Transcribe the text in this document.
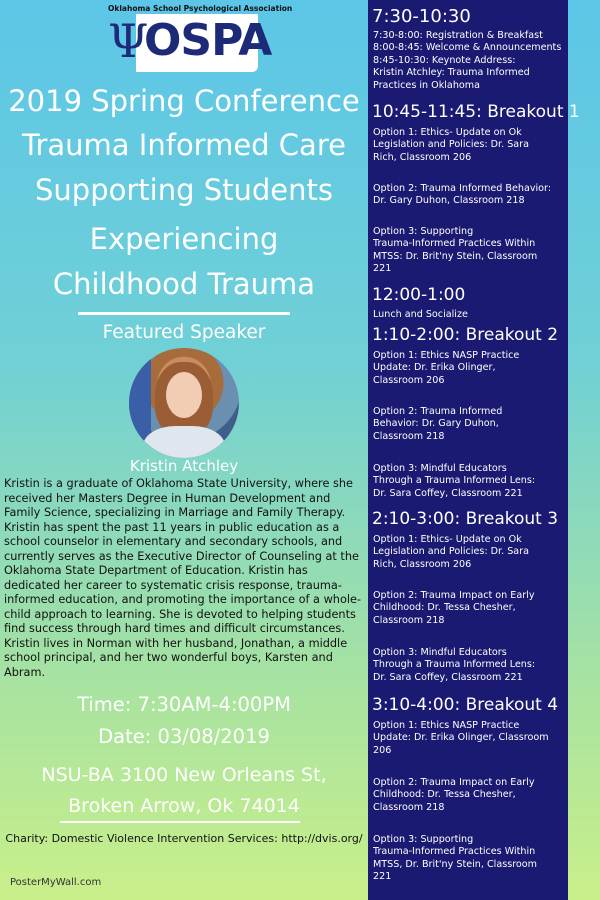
Oklahoma School Psychological Association
Ψ
OSPA
2019 Spring Conference
Trauma Informed Care
Supporting Students
Experiencing
Childhood Trauma
Featured Speaker
Kristin Atchley

Kristin is a graduate of Oklahoma State University, where she received her Masters Degree in Human Development and Family Science, specializing in Marriage and Family Therapy. Kristin has spent the past 11 years in public education as a school counselor in elementary and secondary schools, and currently serves as the Executive Director of Counseling at the Oklahoma State Department of Education. Kristin has dedicated her career to systematic crisis response, trauma-informed education, and promoting the importance of a whole-child approach to learning. She is devoted to helping students find success through hard times and difficult circumstances. Kristin lives in Norman with her husband, Jonathan, a middle school principal, and her two wonderful boys, Karsten and Abram.

Time: 7:30AM-4:00PM
Date: 03/08/2019
NSU-BA 3100 New Orleans St,
Broken Arrow, Ok 74014
Charity: Domestic Violence Intervention Services: http://dvis.org/
PosterMyWall.com
7:30-10:30

7:30-8:00: Registration & Breakfast
8:00-8:45: Welcome & Announcements
8:45-10:30: Keynote Address:
Kristin Atchley: Trauma Informed
Practices in Oklahoma

10:45-11:45: Breakout 1

Option 1: Ethics- Update on Ok
Legislation and Policies: Dr. Sara
Rich, Classroom 206

Option 2: Trauma Informed Behavior:
Dr. Gary Duhon, Classroom 218

Option 3: Supporting
Trauma-Informed Practices Within
MTSS: Dr. Brit'ny Stein, Classroom
221

12:00-1:00

Lunch and Socialize

1:10-2:00: Breakout 2

Option 1: Ethics NASP Practice
Update: Dr. Erika Olinger,
Classroom 206

Option 2: Trauma Informed
Behavior: Dr. Gary Duhon,
Classroom 218

Option 3: Mindful Educators
Through a Trauma Informed Lens:
Dr. Sara Coffey, Classroom 221

2:10-3:00: Breakout 3

Option 1: Ethics- Update on Ok
Legislation and Policies: Dr. Sara
Rich, Classroom 206

Option 2: Trauma Impact on Early
Childhood: Dr. Tessa Chesher,
Classroom 218

Option 3: Mindful Educators
Through a Trauma Informed Lens:
Dr. Sara Coffey, Classroom 221

3:10-4:00: Breakout 4

Option 1: Ethics NASP Practice
Update: Dr. Erika Olinger, Classroom
206

Option 2: Trauma Impact on Early
Childhood: Dr. Tessa Chesher,
Classroom 218

Option 3: Supporting
Trauma-Informed Practices Within
MTSS, Dr. Brit'ny Stein, Classroom
221
